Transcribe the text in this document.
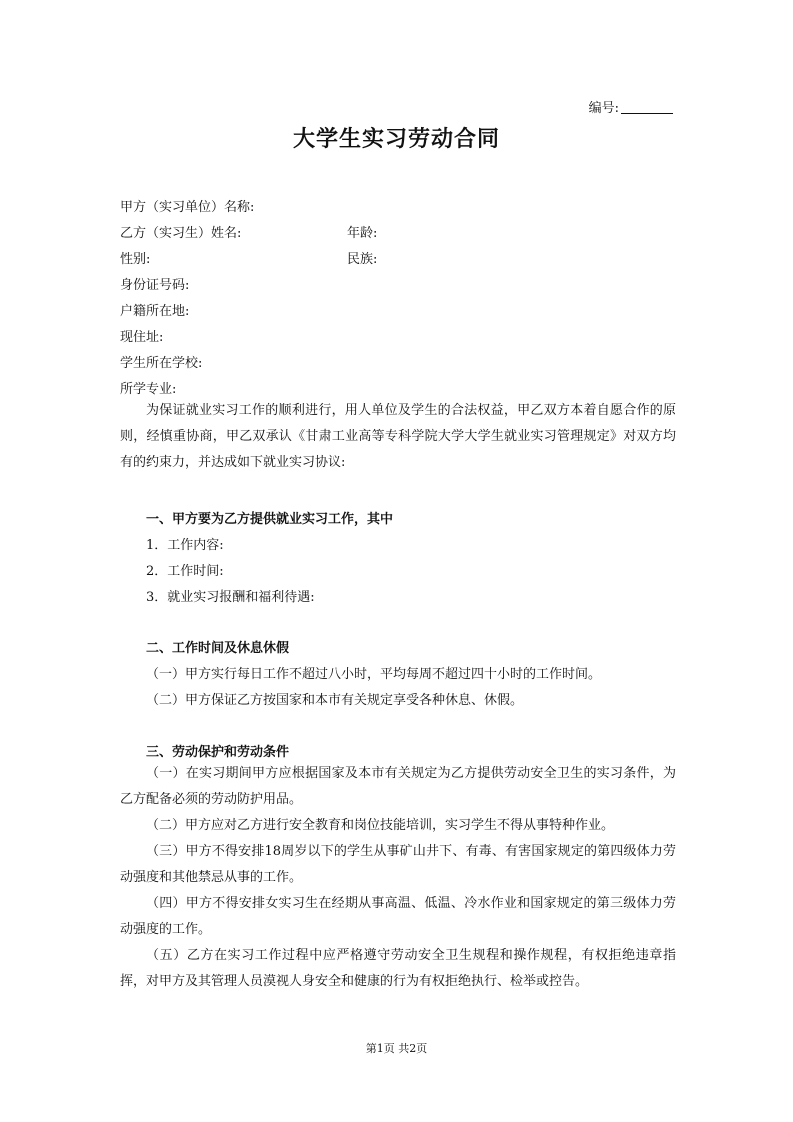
编号:
大学生实习劳动合同
甲方（实习单位）名称:
乙方（实习生）姓名:	年龄:
性别:	民族:
身份证号码:
户籍所在地:
现住址:
学生所在学校:
所学专业:
为保证就业实习工作的顺利进行，用人单位及学生的合法权益，甲乙双方本着自愿合作的原则，经慎重协商，甲乙双承认《甘肃工业高等专科学院大学大学生就业实习管理规定》对双方均有的约束力，并达成如下就业实习协议:
一、甲方要为乙方提供就业实习工作，其中
1．工作内容:
2．工作时间:
3．就业实习报酬和福利待遇:
二、工作时间及休息休假
（一）甲方实行每日工作不超过八小时，平均每周不超过四十小时的工作时间。
（二）甲方保证乙方按国家和本市有关规定享受各种休息、休假。
三、劳动保护和劳动条件
（一）在实习期间甲方应根据国家及本市有关规定为乙方提供劳动安全卫生的实习条件，为乙方配备必须的劳动防护用品。
（二）甲方应对乙方进行安全教育和岗位技能培训，实习学生不得从事特种作业。
（三）甲方不得安排18周岁以下的学生从事矿山井下、有毒、有害国家规定的第四级体力劳动强度和其他禁忌从事的工作。
（四）甲方不得安排女实习生在经期从事高温、低温、冷水作业和国家规定的第三级体力劳动强度的工作。
（五）乙方在实习工作过程中应严格遵守劳动安全卫生规程和操作规程，有权拒绝违章指挥，对甲方及其管理人员漠视人身安全和健康的行为有权拒绝执行、检举或控告。
第1页 共2页
